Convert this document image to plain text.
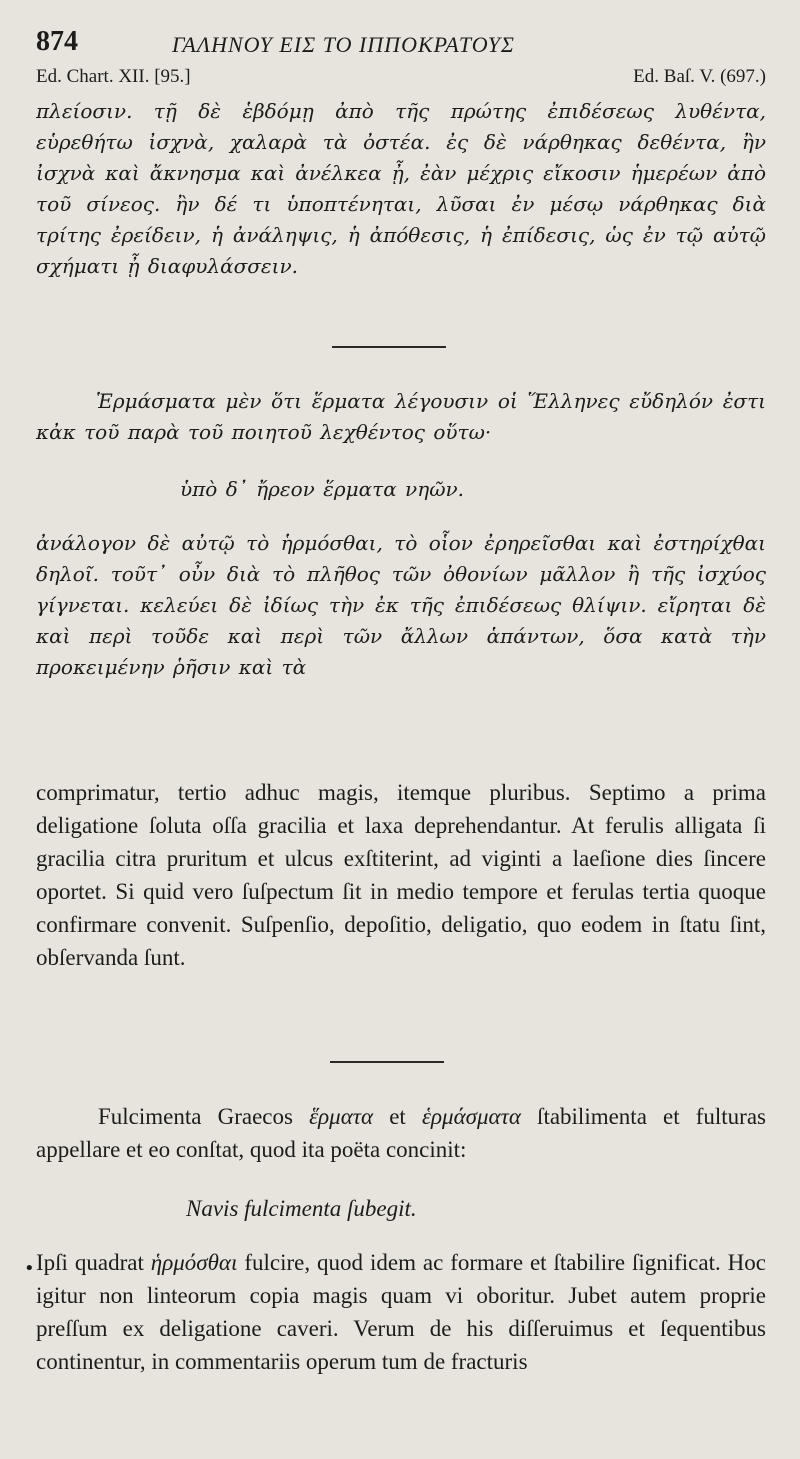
874	ΓΑΛΗΝΟΥ ΕΙΣ ΤΟ ΙΠΠΟΚΡΑΤΟΥΣ
Ed. Chart. XII. [95.]	Ed. Baſ. V. (697.)
πλείοσιν. τῇ δὲ ἑβδόμῃ ἀπὸ τῆς πρώτης ἐπιδέσεως λυθέντα, εὑρεθήτω ἰσχνὰ, χαλαρὰ τὰ ὀστέα. ἐς δὲ νάρθηκας δεθέντα, ἢν ἰσχνὰ καὶ ἄκνησμα καὶ ἀνέλκεα ᾖ, ἐὰν μέχρις εἴκοσιν ἡμερέων ἀπὸ τοῦ σίνεος. ἢν δέ τι ὑποπτένηται, λῦσαι ἐν μέσῳ νάρθηκας διὰ τρίτης ἐρείδειν, ἡ ἀνάληψις, ἡ ἀπόθεσις, ἡ ἐπίδεσις, ὡς ἐν τῷ αὐτῷ σχήματι ᾖ διαφυλάσσειν.
Ἑρμάσματα μὲν ὅτι ἕρματα λέγουσιν οἱ Ἕλληνες εὔδηλόν ἐστι κἀκ τοῦ παρὰ τοῦ ποιητοῦ λεχθέντος οὕτω·
ὑπὸ δ᾽ ἤρεον ἕρματα νηῶν.
ἀνάλογον δὲ αὐτῷ τὸ ἡρμόσθαι, τὸ οἷον ἐρηρεῖσθαι καὶ ἐστηρίχθαι δηλοῖ. τοῦτ᾽ οὖν διὰ τὸ πλῆθος τῶν ὀθονίων μᾶλλον ἢ τῆς ἰσχύος γίγνεται. κελεύει δὲ ἰδίως τὴν ἐκ τῆς ἐπιδέσεως θλίψιν. εἴρηται δὲ καὶ περὶ τοῦδε καὶ περὶ τῶν ἄλλων ἁπάντων, ὅσα κατὰ τὴν προκειμένην ῥῆσιν καὶ τὰ
comprimatur, tertio adhuc magis, itemque pluribus. Septimo a prima deligatione ſoluta oſſa gracilia et laxa deprehendantur. At ferulis alligata ſi gracilia citra pruritum et ulcus exſtiterint, ad viginti a laeſione dies ſincere oportet. Si quid vero ſuſpectum ſit in medio tempore et ferulas tertia quoque confirmare convenit. Suſpenſio, depoſitio, deligatio, quo eodem in ſtatu ſint, obſervanda ſunt.
Fulcimenta Graecos ἕρματα et ἑρμάσματα ſtabilimenta et fulturas appellare et eo conſtat, quod ita poëta concinit:
Navis fulcimenta ſubegit.
• Ipſi quadrat ἡρμόσθαι fulcire, quod idem ac formare et ſtabilire ſignificat. Hoc igitur non linteorum copia magis quam vi oboritur. Jubet autem proprie preſſum ex deligatione caveri. Verum de his diſſeruimus et ſequentibus continentur, in commentariis operum tum de fracturis
